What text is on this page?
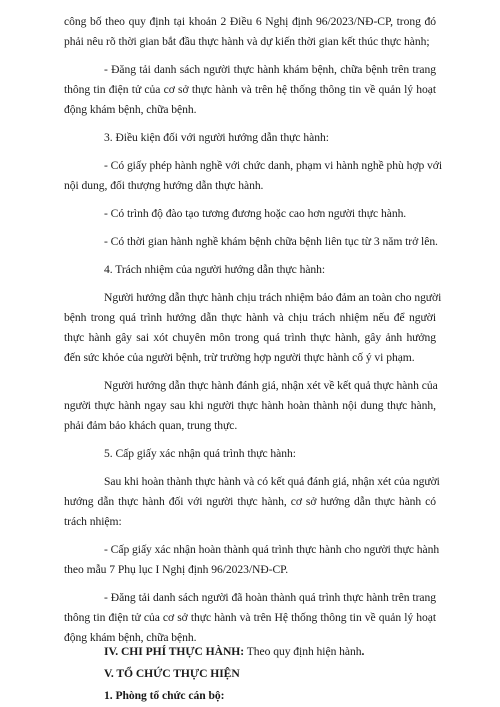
công bố theo quy định tại khoản 2 Điều 6 Nghị định 96/2023/NĐ-CP, trong đó
phải nêu rõ thời gian bắt đầu thực hành và dự kiến thời gian kết thúc thực hành;
- Đăng tải danh sách người thực hành khám bệnh, chữa bệnh trên trang
thông tin điện tử của cơ sở thực hành và trên hệ thống thông tin về quản lý hoạt
động khám bệnh, chữa bệnh.
3. Điều kiện đối với người hướng dẫn thực hành:
- Có giấy phép hành nghề với chức danh, phạm vi hành nghề phù hợp với
nội dung, đối thượng hướng dẫn thực hành.
- Có trình độ đào tạo tương đương hoặc cao hơn người thực hành.
- Có thời gian hành nghề khám bệnh chữa bệnh liên tục từ 3 năm trở lên.
4. Trách nhiệm của người hướng dẫn thực hành:
Người hướng dẫn thực hành chịu trách nhiệm bảo đảm an toàn cho người
bệnh trong quá trình hướng dẫn thực hành và chịu trách nhiệm nếu để người
thực hành gây sai xót chuyên môn trong quá trình thực hành, gây ảnh hưởng
đến sức khỏe của người bệnh, trừ trường hợp người thực hành cố ý vi phạm.
Người hướng dẫn thực hành đánh giá, nhận xét về kết quả thực hành của
người thực hành ngay sau khi người thực hành hoàn thành nội dung thực hành,
phải đảm bảo khách quan, trung thực.
5. Cấp giấy xác nhận quá trình thực hành:
Sau khi hoàn thành thực hành và có kết quả đánh giá, nhận xét của người
hướng dẫn thực hành đối với người thực hành, cơ sở hướng dẫn thực hành có
trách nhiệm:
- Cấp giấy xác nhận hoàn thành quá trình thực hành cho người thực hành
theo mẫu 7 Phụ lục I Nghị định 96/2023/NĐ-CP.
- Đăng tải danh sách người đã hoàn thành quá trình thực hành trên trang
thông tin điện tử của cơ sở thực hành và trên Hệ thống thông tin về quản lý hoạt
động khám bệnh, chữa bệnh.
IV. CHI PHÍ THỰC HÀNH: Theo quy định hiện hành.
V. TỔ CHỨC THỰC HIỆN
1. Phòng tổ chức cán bộ:
